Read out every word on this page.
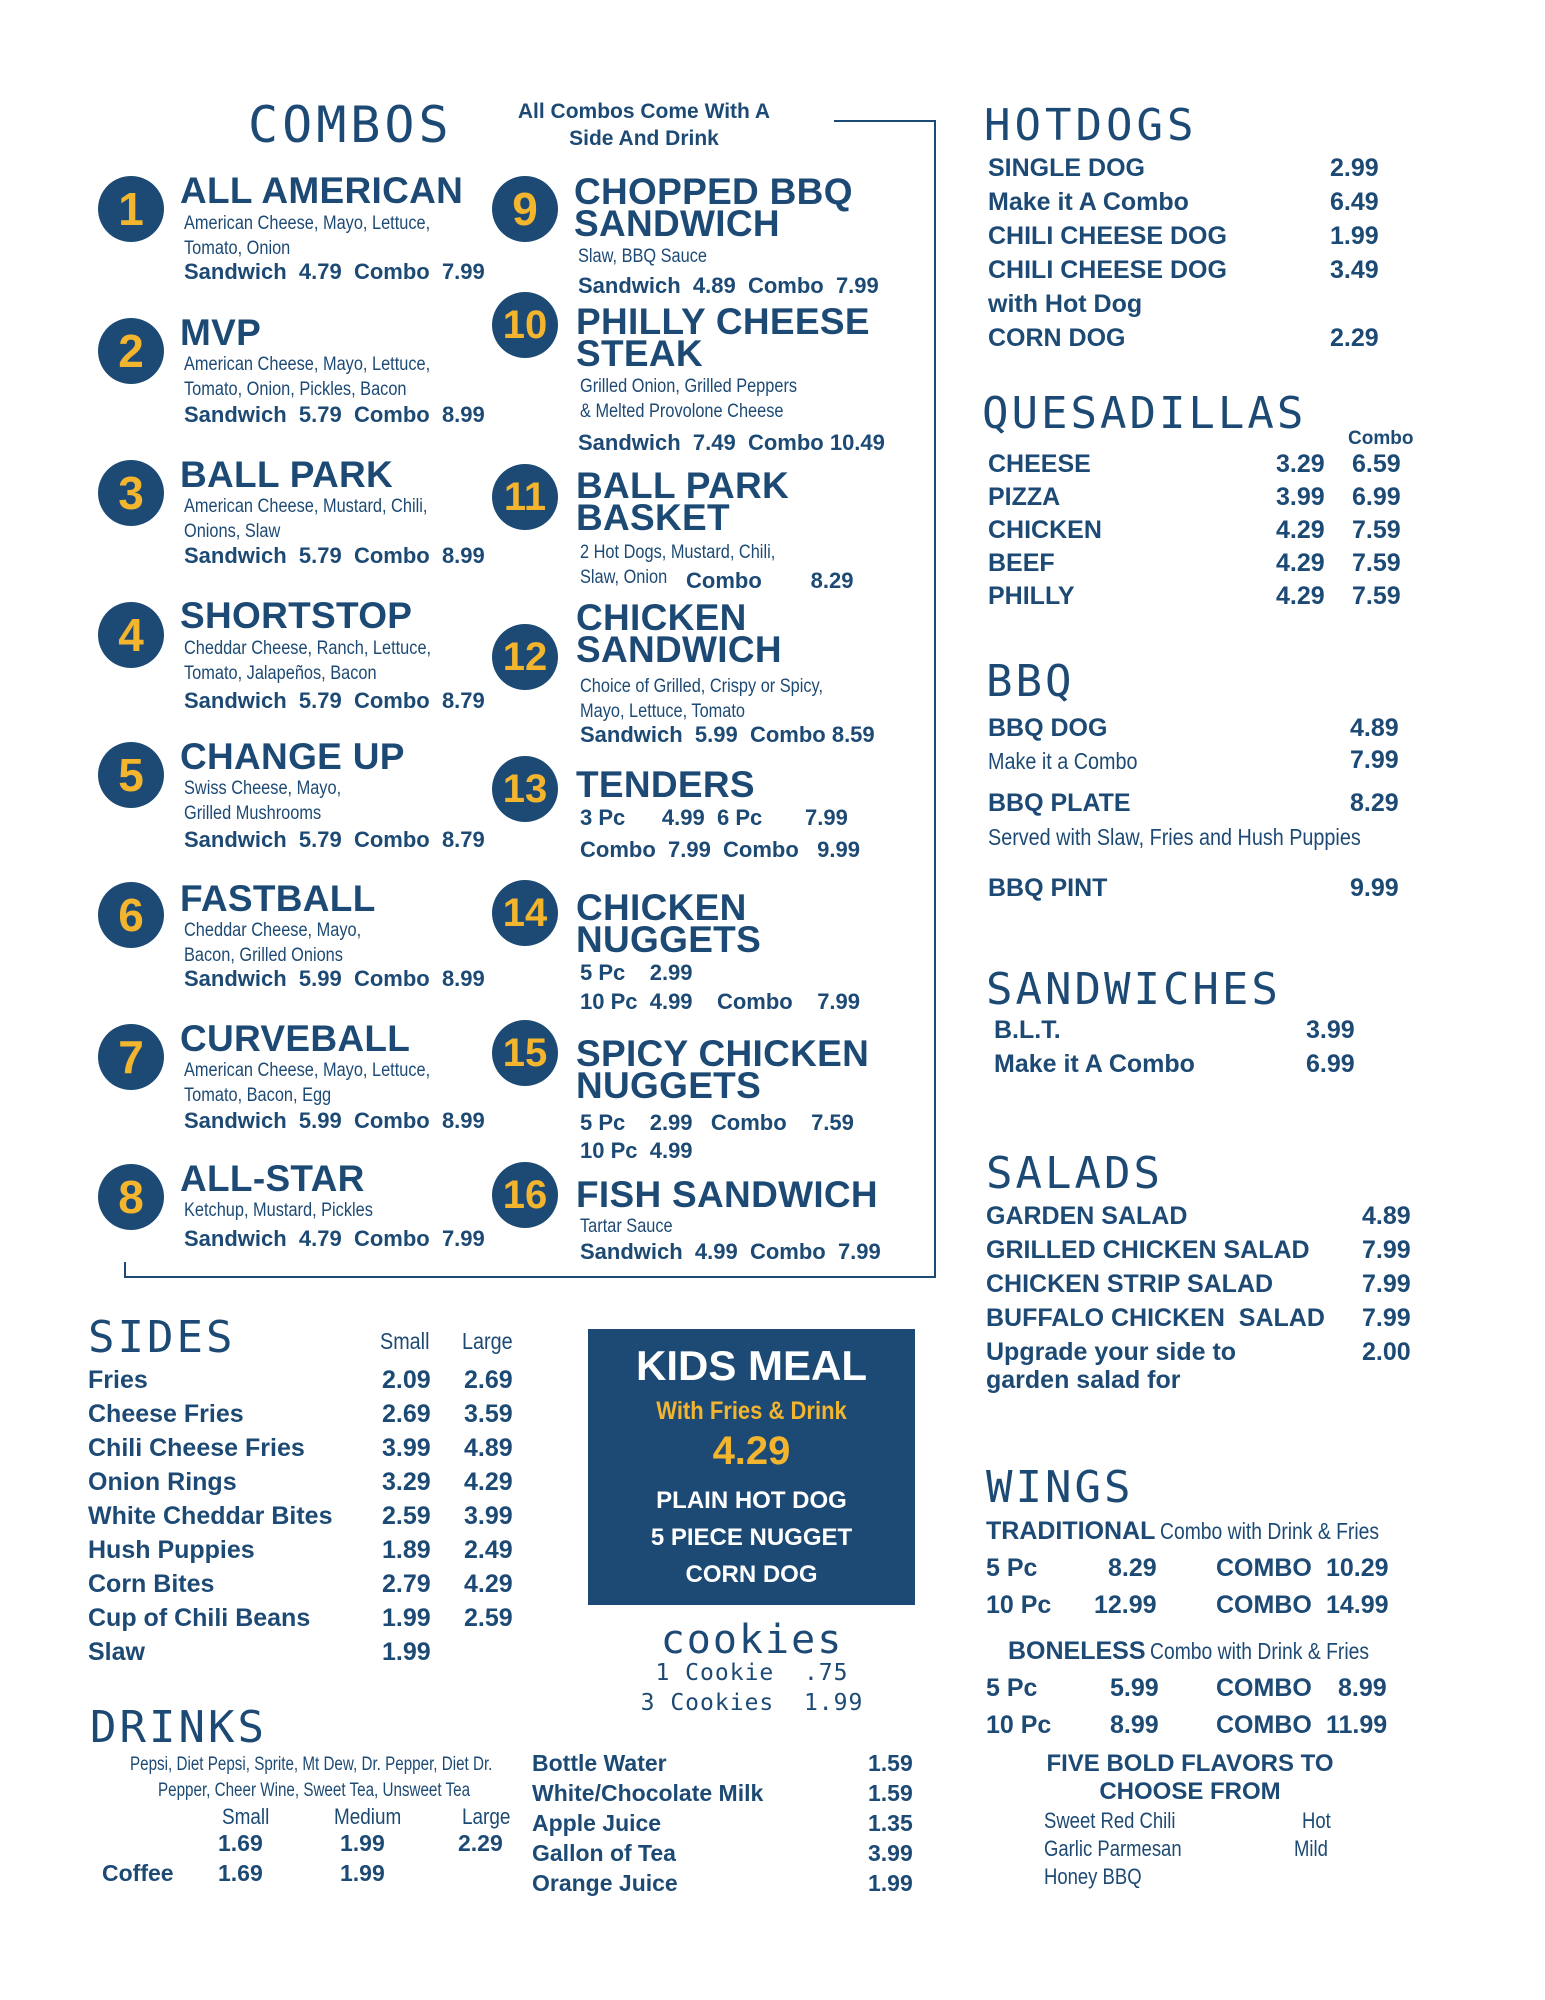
COMBOS	All Combos Come With A Side And Drink
1 ALL AMERICAN
American Cheese, Mayo, Lettuce, Tomato, Onion
Sandwich  4.79  Combo  7.99
2 MVP
American Cheese, Mayo, Lettuce, Tomato, Onion, Pickles, Bacon
Sandwich  5.79  Combo  8.99
3 BALL PARK
American Cheese, Mustard, Chili, Onions, Slaw
Sandwich  5.79  Combo  8.99
4 SHORTSTOP
Cheddar Cheese, Ranch, Lettuce, Tomato, Jalapeños, Bacon
Sandwich  5.79  Combo  8.79
5 CHANGE UP
Swiss Cheese, Mayo, Grilled Mushrooms
Sandwich  5.79  Combo  8.79
6 FASTBALL
Cheddar Cheese, Mayo, Bacon, Grilled Onions
Sandwich  5.99  Combo  8.99
7 CURVEBALL
American Cheese, Mayo, Lettuce, Tomato, Bacon, Egg
Sandwich  5.99  Combo  8.99
8 ALL-STAR
Ketchup, Mustard, Pickles
Sandwich  4.79  Combo  7.99
9 CHOPPED BBQ SANDWICH
Slaw, BBQ Sauce
Sandwich  4.89  Combo  7.99
10 PHILLY CHEESE STEAK
Grilled Onion, Grilled Peppers & Melted Provolone Cheese
Sandwich  7.49  Combo 10.49
11 BALL PARK BASKET
2 Hot Dogs, Mustard, Chili, Slaw, Onion Combo        8.29
12
CHICKEN SANDWICH
Choice of Grilled, Crispy or Spicy, Mayo, Lettuce, Tomato
Sandwich  5.99  Combo 8.59
13 TENDERS
3 Pc      4.99  6 Pc       7.99
Combo  7.99  Combo   9.99
14 CHICKEN NUGGETS
5 Pc    2.99
10 Pc  4.99    Combo    7.99
15 SPICY CHICKEN NUGGETS
5 Pc    2.99   Combo    7.59
10 Pc  4.99
16 FISH SANDWICH
Tartar Sauce
Sandwich  4.99  Combo  7.99
HOTDOGS
SINGLE DOG	2.99
Make it A Combo	6.49
CHILI CHEESE DOG	1.99
CHILI CHEESE DOG	3.49
with Hot Dog
CORN DOG	2.29
QUESADILLAS Combo
CHEESE	3.29 6.59
PIZZA	3.99 6.99
CHICKEN	4.29 7.59
BEEF	4.29 7.59
PHILLY	4.29 7.59
BBQ
BBQ DOG	4.89
Make it a Combo	7.99
BBQ PLATE	8.29
Served with Slaw, Fries and Hush Puppies
BBQ PINT	9.99
SANDWICHES
B.L.T.	3.99
Make it A Combo	6.99
SALADS
GARDEN SALAD	4.89
GRILLED CHICKEN SALAD 7.99
CHICKEN STRIP SALAD	7.99
BUFFALO CHICKEN  SALAD 7.99
Upgrade your side to	2.00
garden salad for
WINGS
TRADITIONAL Combo with Drink & Fries
5 Pc	8.29 COMBO 10.29
10 Pc 12.99 COMBO 14.99
BONELESS Combo with Drink & Fries
5 Pc	5.99 COMBO 8.99
10 Pc 8.99 COMBO 11.99
FIVE BOLD FLAVORS TO
CHOOSE FROM
Sweet Red Chili	Hot
Garlic Parmesan	Mild
Honey BBQ
SIDES	Small Large
Fries	2.09 2.69
Cheese Fries	2.69 3.59
Chili Cheese Fries	3.99 4.89
Onion Rings	3.29 4.29
White Cheddar Bites 2.59 3.99
Hush Puppies	1.89 2.49
Corn Bites	2.79 4.29
Cup of Chili Beans	1.99 2.59
Slaw	1.99
KIDS MEAL
With Fries & Drink
4.29
PLAIN HOT DOG
5 PIECE NUGGET
CORN DOG
cookies
1 Cookie  .75
3 Cookies  1.99
DRINKS
Pepsi, Diet Pepsi, Sprite, Mt Dew, Dr. Pepper, Diet Dr.
Pepper, Cheer Wine, Sweet Tea, Unsweet Tea
Small	Medium	Large
1.69	1.99	2.29
Coffee 1.69	1.99
Bottle Water	1.59
White/Chocolate Milk	1.59
Apple Juice	1.35
Gallon of Tea	3.99
Orange Juice	1.99
